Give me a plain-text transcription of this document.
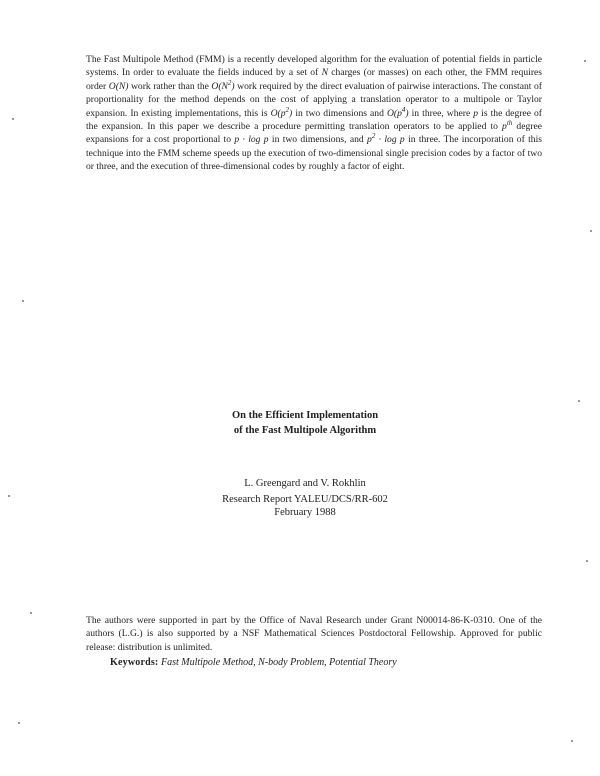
The Fast Multipole Method (FMM) is a recently developed algorithm for the evaluation of potential fields in particle systems. In order to evaluate the fields induced by a set of N charges (or masses) on each other, the FMM requires order O(N) work rather than the $O(N^2)$ work required by the direct evaluation of pairwise interactions. The constant of proportionality for the method depends on the cost of applying a translation operator to a multipole or Taylor expansion. In existing implementations, this is $O(p^2)$ in two dimensions and $O(p^4)$ in three, where p is the degree of the expansion. In this paper we describe a procedure permitting translation operators to be applied to $p^{th}$ degree expansions for a cost proportional to p · log p in two dimensions, and $p^2 \cdot \log p$ in three. The incorporation of this technique into the FMM scheme speeds up the execution of two-dimensional single precision codes by a factor of two or three, and the execution of three-dimensional codes by roughly a factor of eight.
On the Efficient Implementation
of the Fast Multipole Algorithm
L. Greengard and V. Rokhlin
Research Report YALEU/DCS/RR-602
February 1988
The authors were supported in part by the Office of Naval Research under Grant N00014-86-K-0310. One of the authors (L.G.) is also supported by a NSF Mathematical Sciences Postdoctoral Fellowship. Approved for public release: distribution is unlimited.
Keywords: Fast Multipole Method, N-body Problem, Potential Theory
